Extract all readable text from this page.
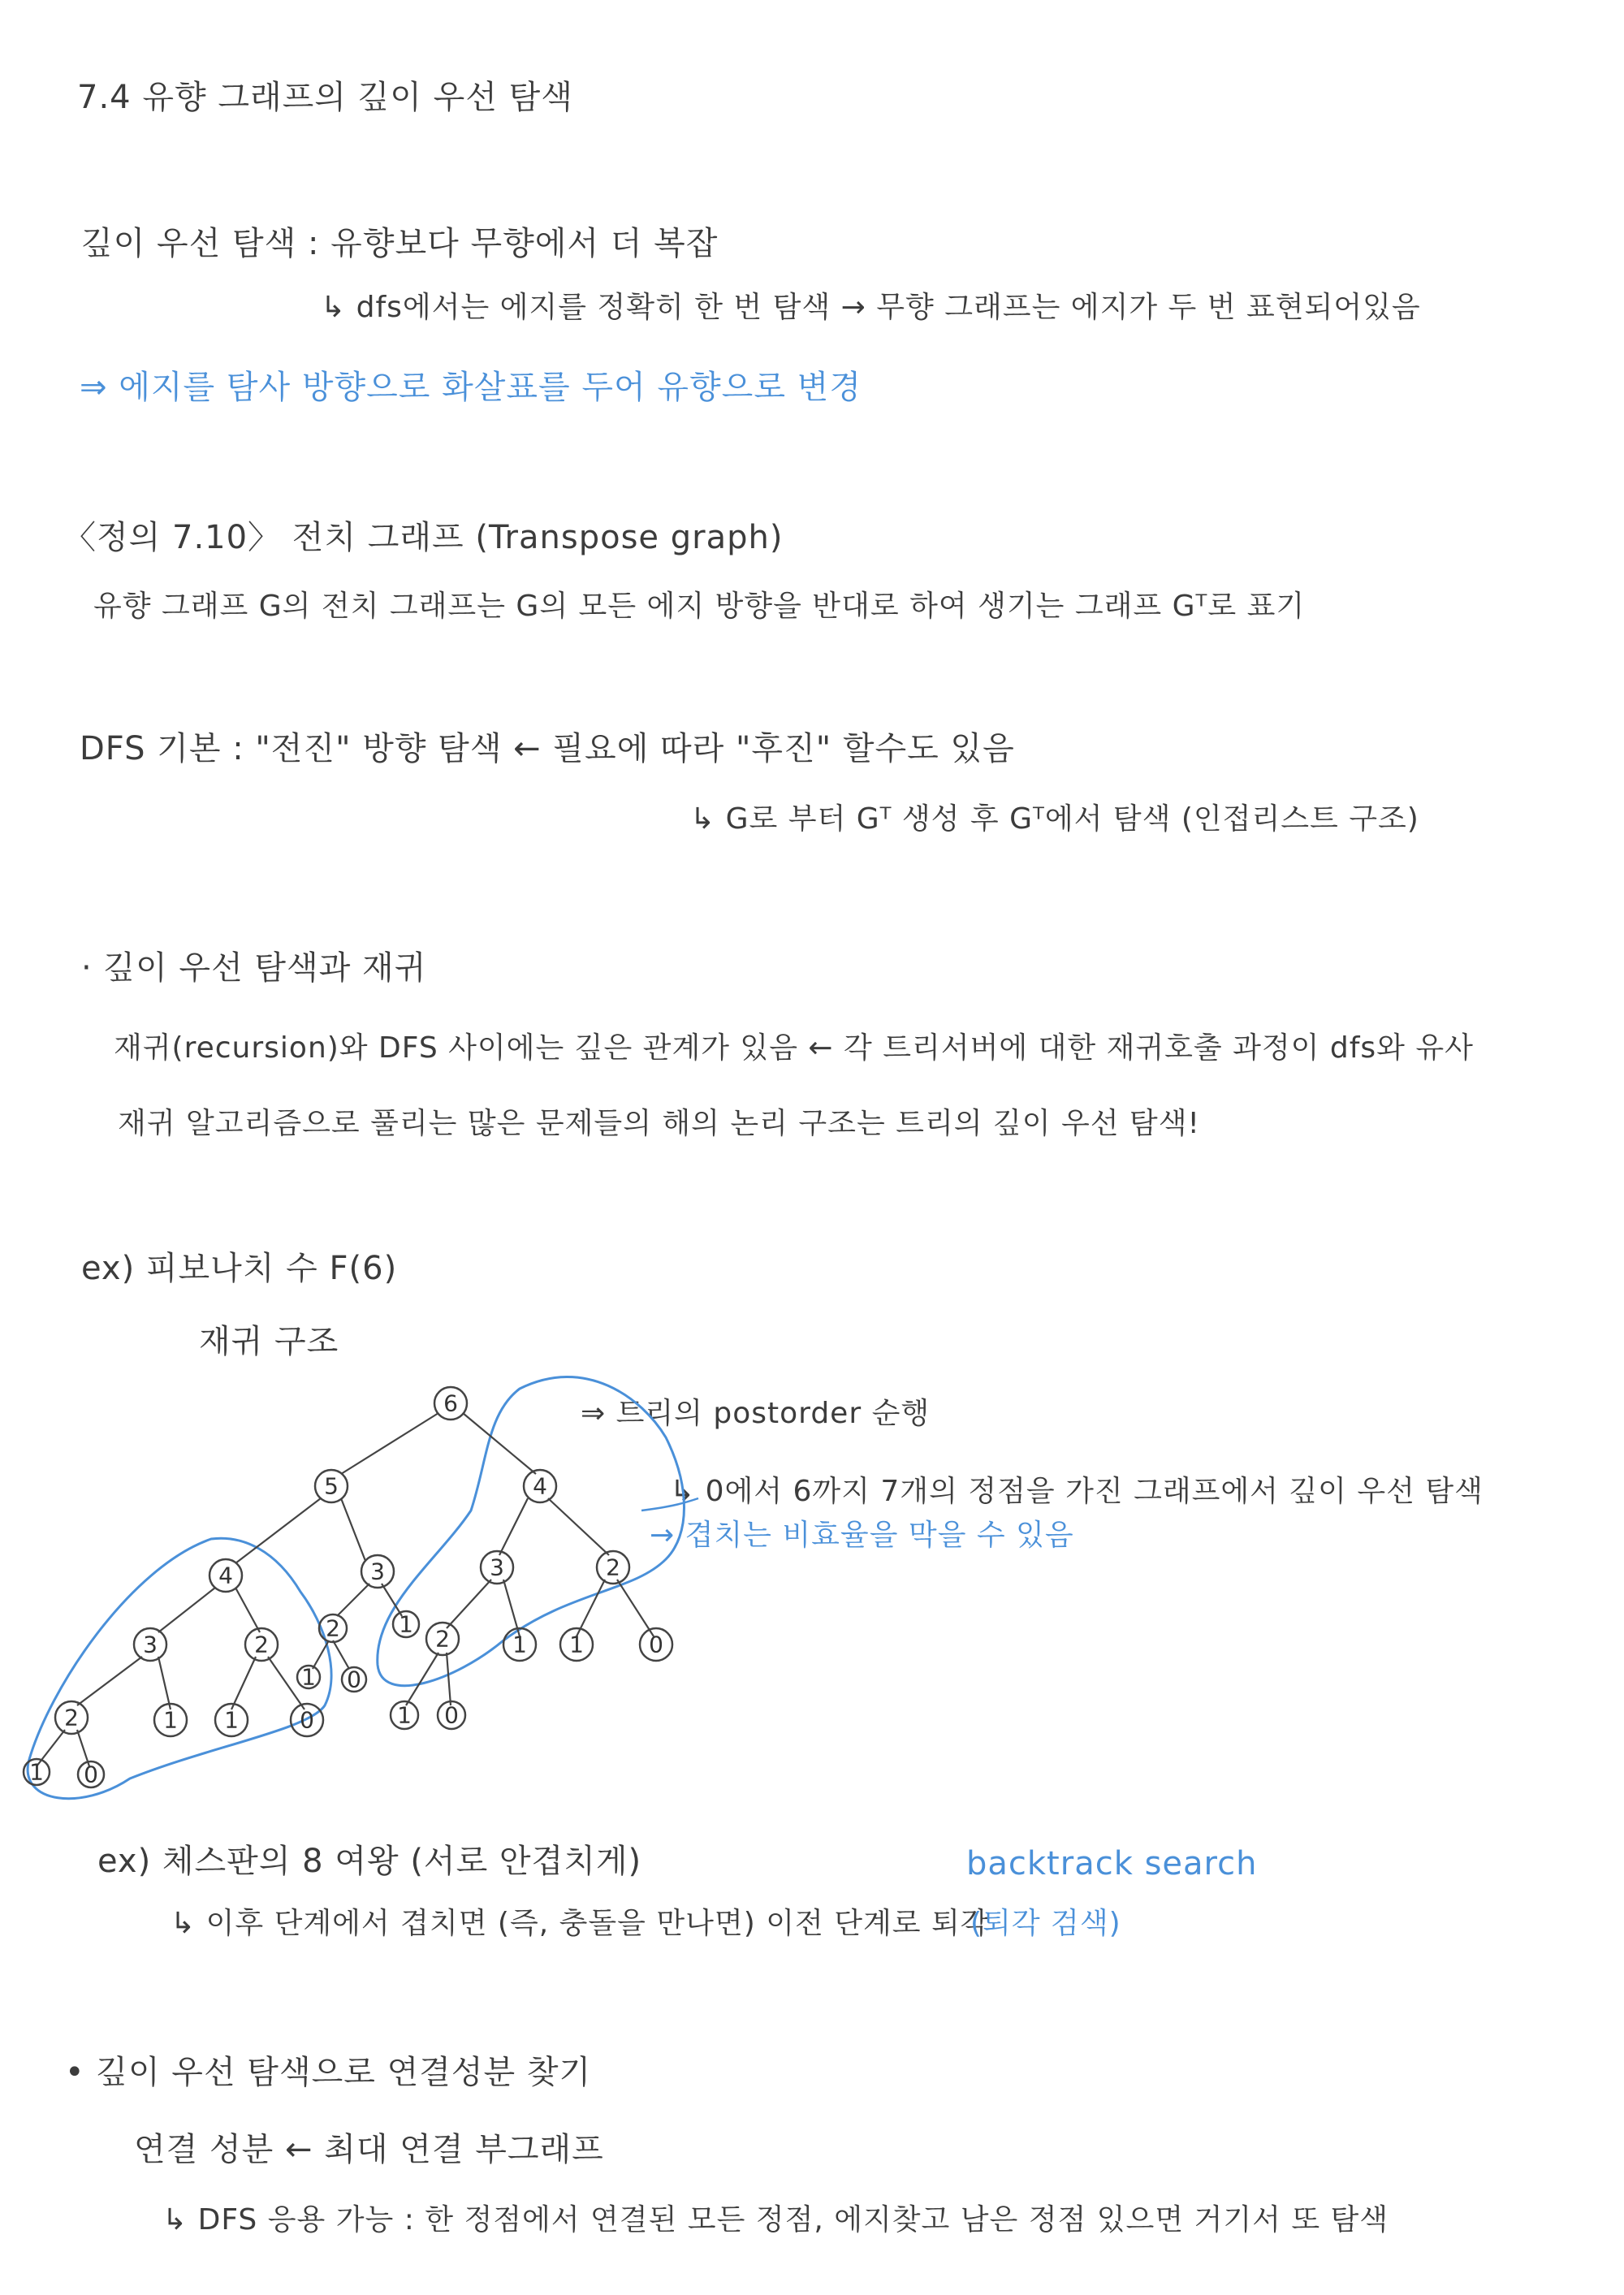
7.4 유향 그래프의 깊이 우선 탐색
깊이 우선 탐색 : 유향보다 무향에서 더 복잡
↳ dfs에서는 에지를 정확히 한 번 탐색 → 무향 그래프는 에지가 두 번 표현되어있음
⇒ 에지를 탐사 방향으로 화살표를 두어 유향으로 변경
〈정의 7.10〉 전치 그래프 (Transpose graph)
유향 그래프 G의 전치 그래프는 G의 모든 에지 방향을 반대로 하여 생기는 그래프 Gᵀ로 표기
DFS 기본 : "전진" 방향 탐색 ← 필요에 따라 "후진" 할수도 있음
↳ G로 부터 Gᵀ 생성 후 Gᵀ에서 탐색 (인접리스트 구조)
· 깊이 우선 탐색과 재귀
재귀(recursion)와 DFS 사이에는 깊은 관계가 있음 ← 각 트리서버에 대한 재귀호출 과정이 dfs와 유사
재귀 알고리즘으로 풀리는 많은 문제들의 해의 논리 구조는 트리의 깊이 우선 탐색!
ex) 피보나치 수 F(6)
재귀 구조
⇒ 트리의 postorder 순행
↳ 0에서 6까지 7개의 정점을 가진 그래프에서 깊이 우선 탐색
→ 겹치는 비효율을 막을 수 있음
6
5
4
3
3
2
2
1 0
1
2	1
1
1	0
0
4
3	2
2	1 1	0
1 0
ex) 체스판의 8 여왕 (서로 안겹치게)	backtrack search
↳ 이후 단계에서 겹치면 (즉, 충돌을 만나면) 이전 단계로 퇴각
(퇴각 검색)
• 깊이 우선 탐색으로 연결성분 찾기
연결 성분 ← 최대 연결 부그래프
↳ DFS 응용 가능 : 한 정점에서 연결된 모든 정점, 에지찾고 남은 정점 있으면 거기서 또 탐색
